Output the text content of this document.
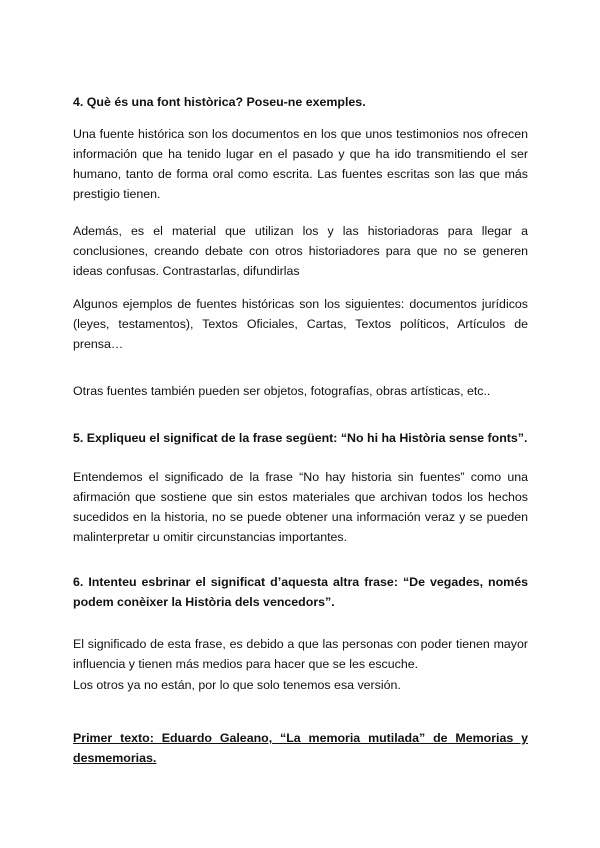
4. Què és una font històrica? Poseu-ne exemples.
Una fuente histórica son los documentos en los que unos testimonios nos ofrecen información que ha tenido lugar en el pasado y que ha ido transmitiendo el ser humano, tanto de forma oral como escrita. Las fuentes escritas son las que más prestigio tienen.
Además, es el material que utilizan los y las historiadoras para llegar a conclusiones, creando debate con otros historiadores para que no se generen ideas confusas. Contrastarlas, difundirlas
Algunos ejemplos de fuentes históricas son los siguientes: documentos jurídicos (leyes, testamentos), Textos Oficiales, Cartas, Textos políticos, Artículos de prensa…
Otras fuentes también pueden ser objetos, fotografías, obras artísticas, etc..
5. Expliqueu el significat de la frase següent: “No hi ha Història sense fonts”.
Entendemos el significado de la frase “No hay historia sin fuentes” como una afirmación que sostiene que sin estos materiales que archivan todos los hechos sucedidos en la historia, no se puede obtener una información veraz y se pueden malinterpretar u omitir circunstancias importantes.
6. Intenteu esbrinar el significat d’aquesta altra frase: “De vegades, només podem conèixer la Història dels vencedors”.
El significado de esta frase, es debido a que las personas con poder tienen mayor influencia y tienen más medios para hacer que se les escuche.
Los otros ya no están, por lo que solo tenemos esa versión.
Primer texto: Eduardo Galeano, “La memoria mutilada” de Memorias y desmemorias.
